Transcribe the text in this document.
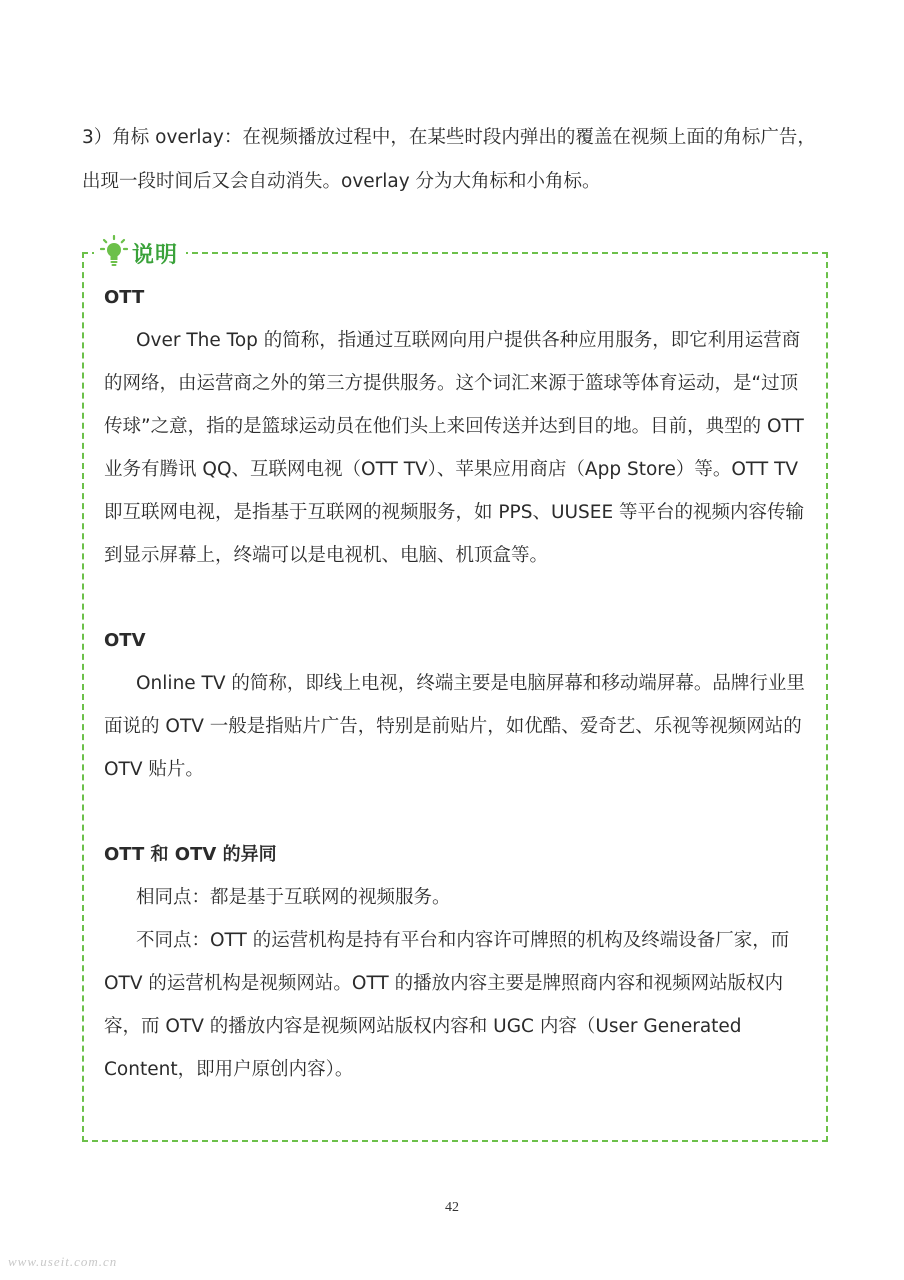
3）角标 overlay：在视频播放过程中，在某些时段内弹出的覆盖在视频上面的角标广告，出现一段时间后又会自动消失。overlay 分为大角标和小角标。

说明
OTT

Over The Top 的简称，指通过互联网向用户提供各种应用服务，即它利用运营商的网络，由运营商之外的第三方提供服务。这个词汇来源于篮球等体育运动，是“过顶传球”之意，指的是篮球运动员在他们头上来回传送并达到目的地。目前，典型的 OTT 业务有腾讯 QQ、互联网电视（OTT TV）、苹果应用商店（App Store）等。OTT TV 即互联网电视，是指基于互联网的视频服务，如 PPS、UUSEE 等平台的视频内容传输到显示屏幕上，终端可以是电视机、电脑、机顶盒等。

OTV

Online TV 的简称，即线上电视，终端主要是电脑屏幕和移动端屏幕。品牌行业里面说的 OTV 一般是指贴片广告，特别是前贴片，如优酷、爱奇艺、乐视等视频网站的 OTV 贴片。

OTT 和 OTV 的异同

相同点：都是基于互联网的视频服务。

不同点：OTT 的运营机构是持有平台和内容许可牌照的机构及终端设备厂家，而 OTV 的运营机构是视频网站。OTT 的播放内容主要是牌照商内容和视频网站版权内容，而 OTV 的播放内容是视频网站版权内容和 UGC 内容（User Generated Content，即用户原创内容）。

42
www.useit.com.cn
